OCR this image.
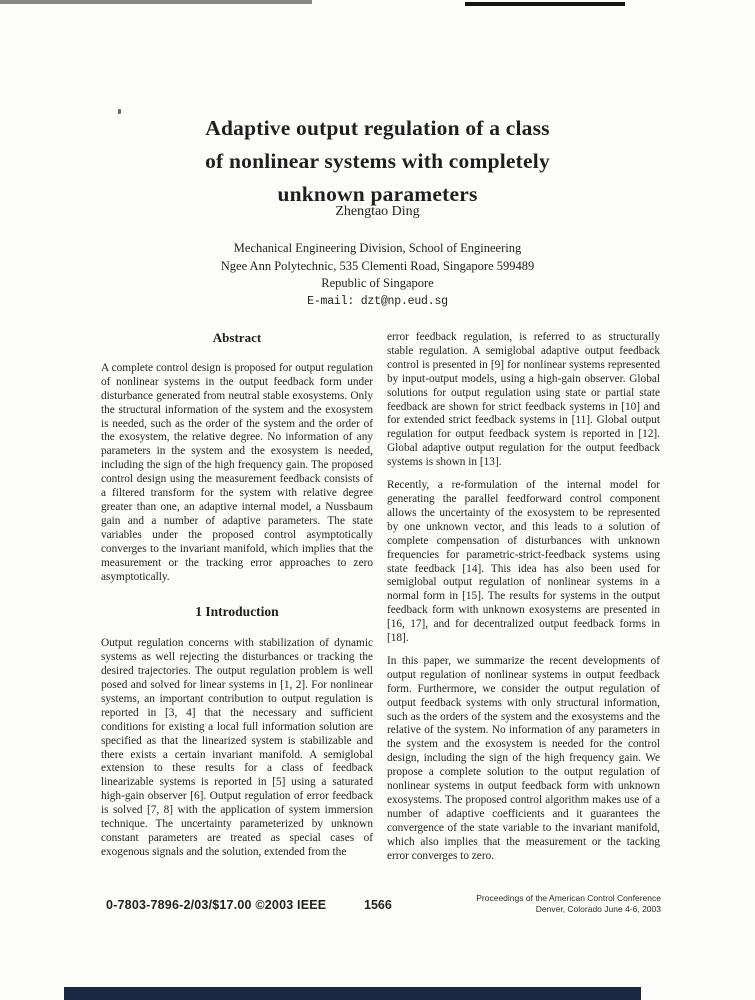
Adaptive output regulation of a class
of nonlinear systems with completely
unknown parameters
Zhengtao Ding
Mechanical Engineering Division, School of Engineering
Ngee Ann Polytechnic, 535 Clementi Road, Singapore 599489
Republic of Singapore
E-mail: dzt@np.eud.sg
Abstract

A complete control design is proposed for output regulation of nonlinear systems in the output feedback form under disturbance generated from neutral stable exosystems. Only the structural information of the system and the exosystem is needed, such as the order of the system and the order of the exosystem, the relative degree. No information of any parameters in the system and the exosystem is needed, including the sign of the high frequency gain. The proposed control design using the measurement feedback consists of a filtered transform for the system with relative degree greater than one, an adaptive internal model, a Nussbaum gain and a number of adaptive parameters. The state variables under the proposed control asymptotically converges to the invariant manifold, which implies that the measurement or the tracking error approaches to zero asymptotically.

1 Introduction

Output regulation concerns with stabilization of dynamic systems as well rejecting the disturbances or tracking the desired trajectories. The output regulation problem is well posed and solved for linear systems in [1, 2]. For nonlinear systems, an important contribution to output regulation is reported in [3, 4] that the necessary and sufficient conditions for existing a local full information solution are specified as that the linearized system is stabilizable and there exists a certain invariant manifold. A semiglobal extension to these results for a class of feedback linearizable systems is reported in [5] using a saturated high-gain observer [6]. Output regulation of error feedback is solved [7, 8] with the application of system immersion technique. The uncertainty parameterized by unknown constant parameters are treated as special cases of exogenous signals and the solution, extended from the

error feedback regulation, is referred to as structurally stable regulation. A semiglobal adaptive output feedback control is presented in [9] for nonlinear systems represented by input-output models, using a high-gain observer. Global solutions for output regulation using state or partial state feedback are shown for strict feedback systems in [10] and for extended strict feedback systems in [11]. Global output regulation for output feedback system is reported in [12]. Global adaptive output regulation for the output feedback systems is shown in [13].

Recently, a re-formulation of the internal model for generating the parallel feedforward control component allows the uncertainty of the exosystem to be represented by one unknown vector, and this leads to a solution of complete compensation of disturbances with unknown frequencies for parametric-strict-feedback systems using state feedback [14]. This idea has also been used for semiglobal output regulation of nonlinear systems in a normal form in [15]. The results for systems in the output feedback form with unknown exosystems are presented in [16, 17], and for decentralized output feedback forms in [18].

In this paper, we summarize the recent developments of output regulation of nonlinear systems in output feedback form. Furthermore, we consider the output regulation of output feedback systems with only structural information, such as the orders of the system and the exosystems and the relative of the system. No information of any parameters in the system and the exosystem is needed for the control design, including the sign of the high frequency gain. We propose a complete solution to the output regulation of nonlinear systems in output feedback form with unknown exosystems. The proposed control algorithm makes use of a number of adaptive coefficients and it guarantees the convergence of the state variable to the invariant manifold, which also implies that the measurement or the tacking error converges to zero.

0-7803-7896-2/03/$17.00 ©2003 IEEE	1566	Proceedings of the American Control Conference
Denver, Colorado June 4-6, 2003
